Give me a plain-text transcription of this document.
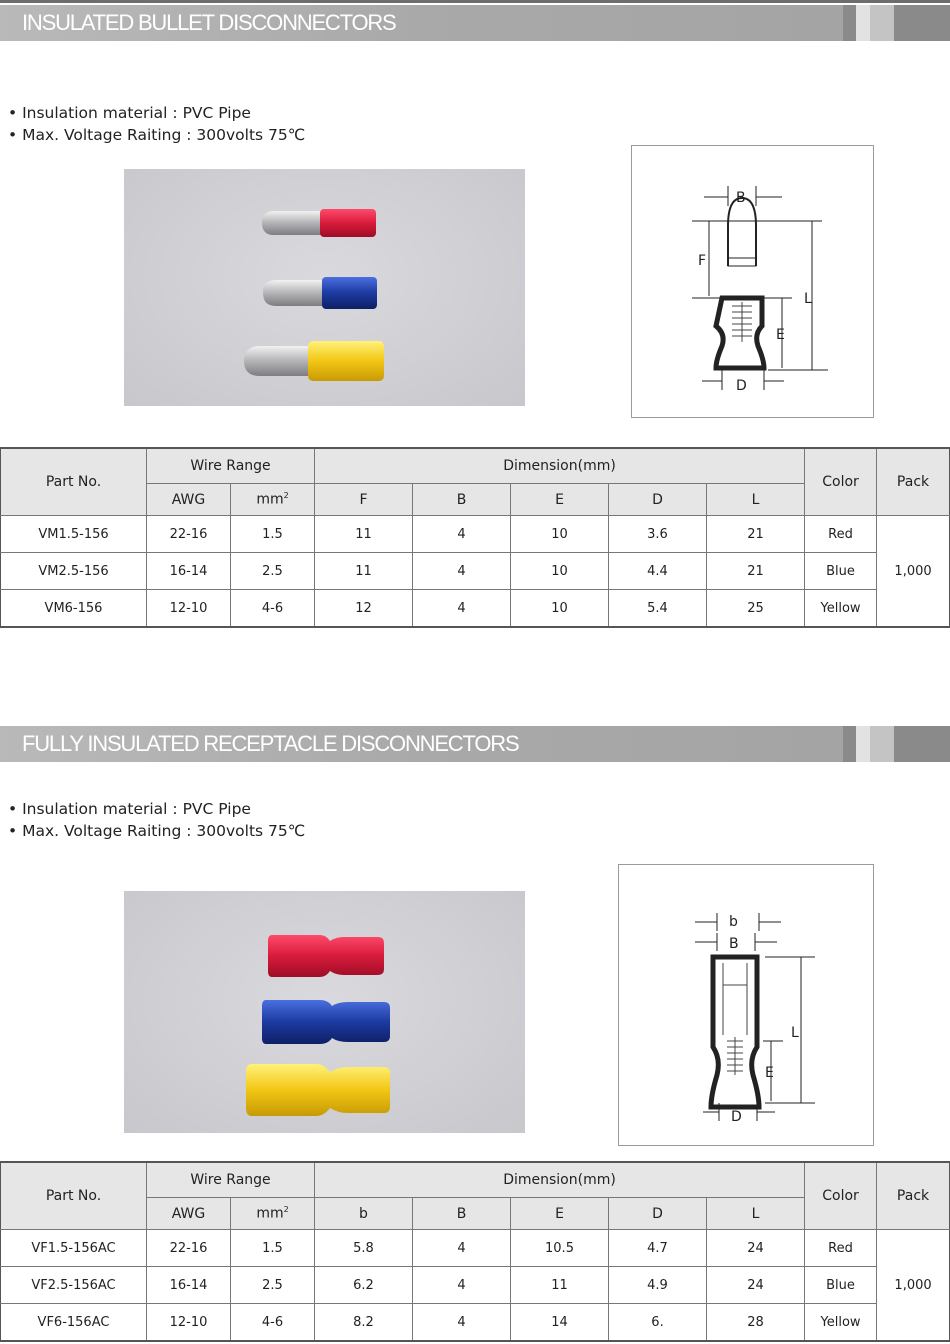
INSULATED BULLET DISCONNECTORS
• Insulation material : PVC Pipe
• Max. Voltage Raiting : 300volts 75℃
B
F
L
E
D
Part No.	Wire Range		Dimension(mm)					Color	Pack
	AWG	$mm^2$	F	B	E	D	L		
VM1.5-156	22-16	1.5	11	4	10	3.6	21	Red	1,000
VM2.5-156	16-14	2.5	11	4	10	4.4	21	Blue	
VM6-156	12-10	4-6	12	4	10	5.4	25	Yellow	
FULLY INSULATED RECEPTACLE DISCONNECTORS
• Insulation material : PVC Pipe
• Max. Voltage Raiting : 300volts 75℃
b
B
L
E
D
Part No.	Wire Range		Dimension(mm)					Color	Pack
	AWG	$mm^2$	b	B	E	D	L		
VF1.5-156AC	22-16	1.5	5.8	4	10.5	4.7	24	Red	1,000
VF2.5-156AC	16-14	2.5	6.2	4	11	4.9	24	Blue	
VF6-156AC	12-10	4-6	8.2	4	14	6.	28	Yellow	
